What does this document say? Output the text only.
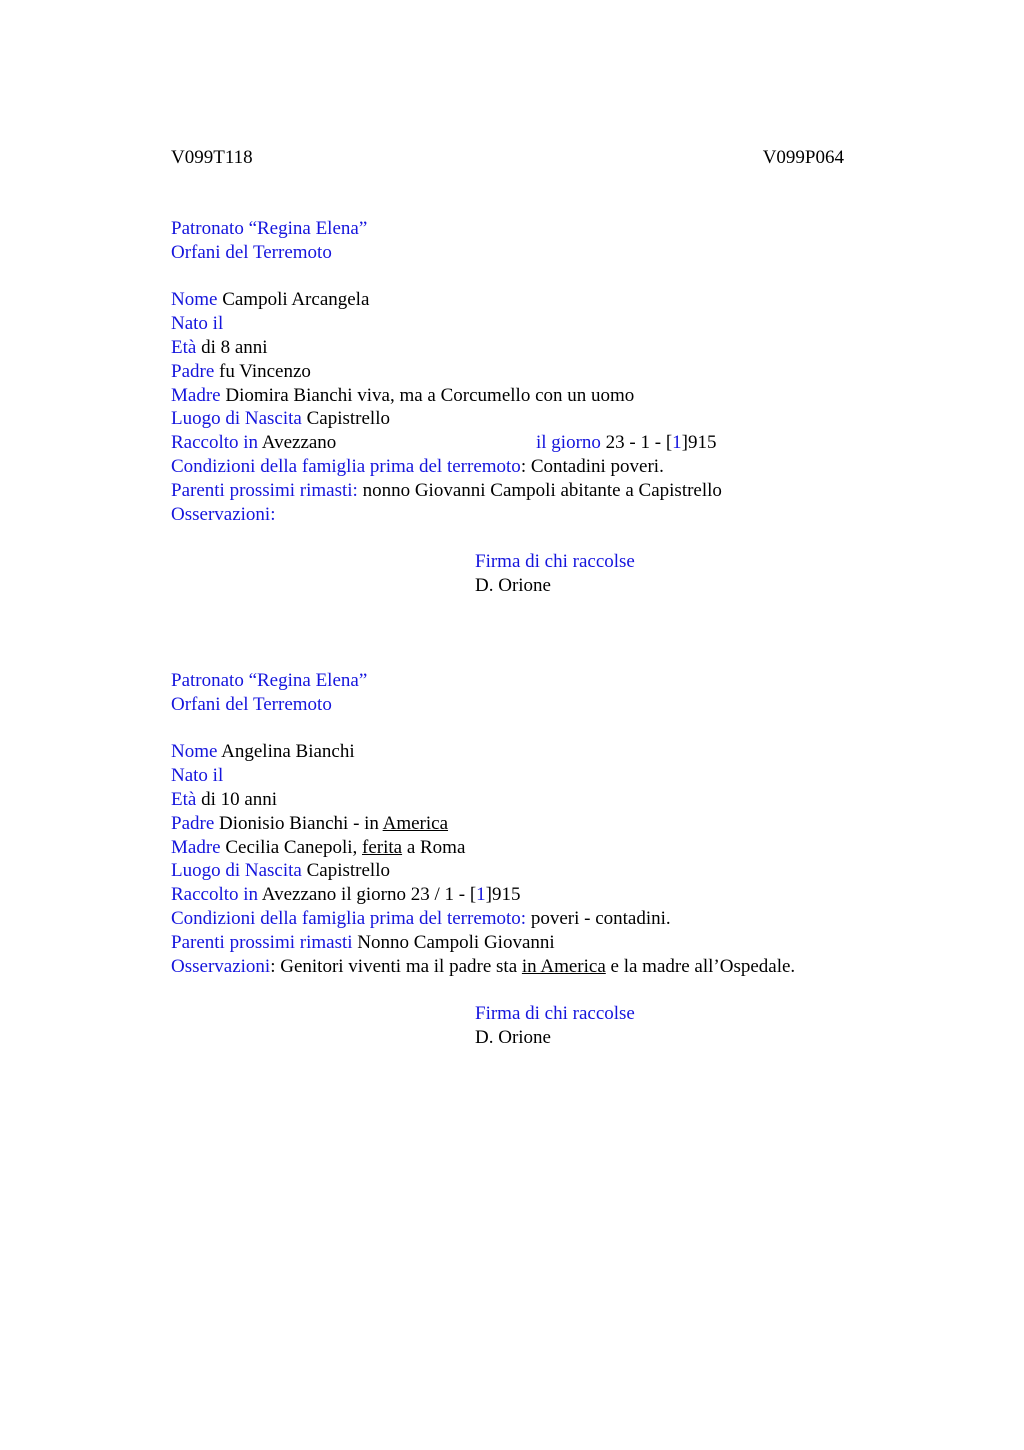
V099T118	V099P064
Patronato “Regina Elena”
Orfani del Terremoto
Nome Campoli Arcangela
Nato il
Età di 8 anni
Padre fu Vincenzo
Madre Diomira Bianchi viva, ma a Corcumello con un uomo
Luogo di Nascita Capistrello
Raccolto in Avezzano	il giorno 23 - 1 - [1]915
Condizioni della famiglia prima del terremoto: Contadini poveri.
Parenti prossimi rimasti: nonno Giovanni Campoli abitante a Capistrello
Osservazioni:
Firma di chi raccolse
D. Orione
Patronato “Regina Elena”
Orfani del Terremoto
Nome Angelina Bianchi
Nato il
Età di 10 anni
Padre Dionisio Bianchi - in America
Madre Cecilia Canepoli, ferita a Roma
Luogo di Nascita Capistrello
Raccolto in Avezzano il giorno 23 / 1 - [1]915
Condizioni della famiglia prima del terremoto: poveri - contadini.
Parenti prossimi rimasti Nonno Campoli Giovanni
Osservazioni: Genitori viventi ma il padre sta in America e la madre all’Ospedale.
Firma di chi raccolse
D. Orione
